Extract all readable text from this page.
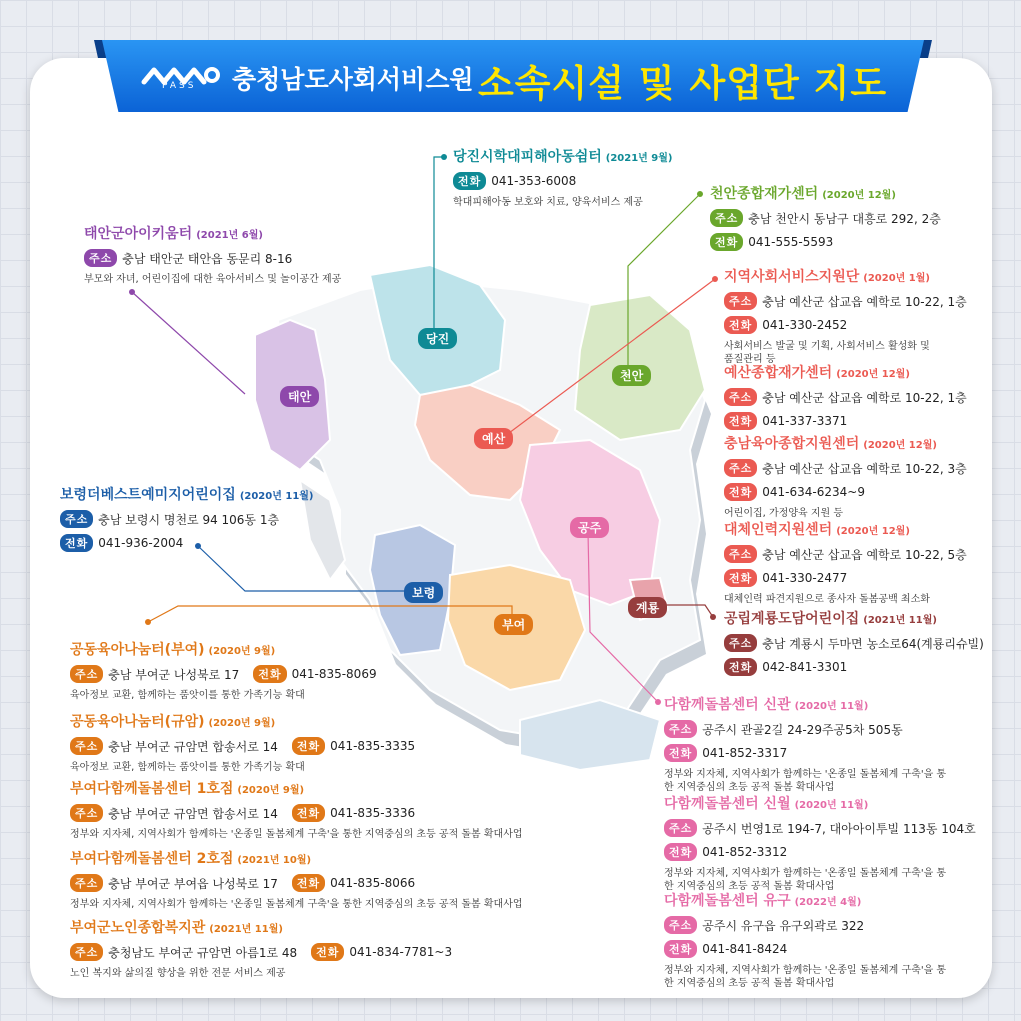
PASS 충청남도사회서비스원 소속시설 및 사업단 지도
당진
태안
천안
예산
공주
보령
부여
계룡
당진시학대피해아동쉼터 (2021년 9월)
전화 041-353-6008
학대피해아동 보호와 치료, 양육서비스 제공
천안종합재가센터 (2020년 12월)
주소 충남 천안시 동남구 대흥로 292, 2층
전화 041-555-5593
태안군아이키움터 (2021년 6월)
주소 충남 태안군 태안읍 동문리 8-16
부모와 자녀, 어린이집에 대한 육아서비스 및 놀이공간 제공	지역사회서비스지원단 (2020년 1월)
주소 충남 예산군 삽교읍 예학로 10-22, 1층
전화 041-330-2452
사회서비스 발굴 및 기획, 사회서비스 활성화 및 품질관리 등
예산종합재가센터 (2020년 12월)
주소 충남 예산군 삽교읍 예학로 10-22, 1층
전화 041-337-3371
충남육아종합지원센터 (2020년 12월)
주소 충남 예산군 삽교읍 예학로 10-22, 3층
전화 041-634-6234~9
어린이집, 가정양육 지원 등
대체인력지원센터 (2020년 12월)
주소 충남 예산군 삽교읍 예학로 10-22, 5층
전화 041-330-2477
대체인력 파견지원으로 종사자 돌봄공백 최소화
보령더베스트예미지어린이집 (2020년 11월)
주소 충남 보령시 명천로 94 106동 1층
전화 041-936-2004
공립계룡도담어린이집 (2021년 11월)
주소 충남 계룡시 두마면 농소로64(계룡리슈빌)
전화 042-841-3301
공동육아나눔터(부여) (2020년 9월)
주소 충남 부여군 나성북로 17	전화 041-835-8069
육아정보 교환, 함께하는 품앗이를 통한 가족기능 확대
공동육아나눔터(규암) (2020년 9월)
주소 충남 부여군 규암면 합송서로 14	전화 041-835-3335
육아정보 교환, 함께하는 품앗이를 통한 가족기능 확대
부여다함께돌봄센터 1호점 (2020년 9월)
주소 충남 부여군 규암면 합송서로 14	전화 041-835-3336
정부와 지자체, 지역사회가 함께하는 '온종일 돌봄체계 구축'을 통한 지역중심의 초등 공적 돌봄 확대사업
부여다함께돌봄센터 2호점 (2021년 10월)
주소 충남 부여군 부여읍 나성북로 17	전화 041-835-8066
정부와 지자체, 지역사회가 함께하는 '온종일 돌봄체계 구축'을 통한 지역중심의 초등 공적 돌봄 확대사업
부여군노인종합복지관 (2021년 11월)
주소 충청남도 부여군 규암면 아름1로 48	전화 041-834-7781~3
노인 복지와 삶의질 향상을 위한 전문 서비스 제공
다함께돌봄센터 신관 (2020년 11월)
주소 공주시 관골2길 24-29주공5차 505동
전화 041-852-3317
정부와 지자체, 지역사회가 함께하는 '온종일 돌봄체계 구축'을 통한 지역중심의 초등 공적 돌봄 확대사업
다함께돌봄센터 신월 (2020년 11월)
주소 공주시 번영1로 194-7, 대아아이투빌 113동 104호
전화 041-852-3312
정부와 지자체, 지역사회가 함께하는 '온종일 돌봄체계 구축'을 통한 지역중심의 초등 공적 돌봄 확대사업
다함께돌봄센터 유구 (2022년 4월)
주소 공주시 유구읍 유구외곽로 322
전화 041-841-8424
정부와 지자체, 지역사회가 함께하는 '온종일 돌봄체계 구축'을 통한 지역중심의 초등 공적 돌봄 확대사업
